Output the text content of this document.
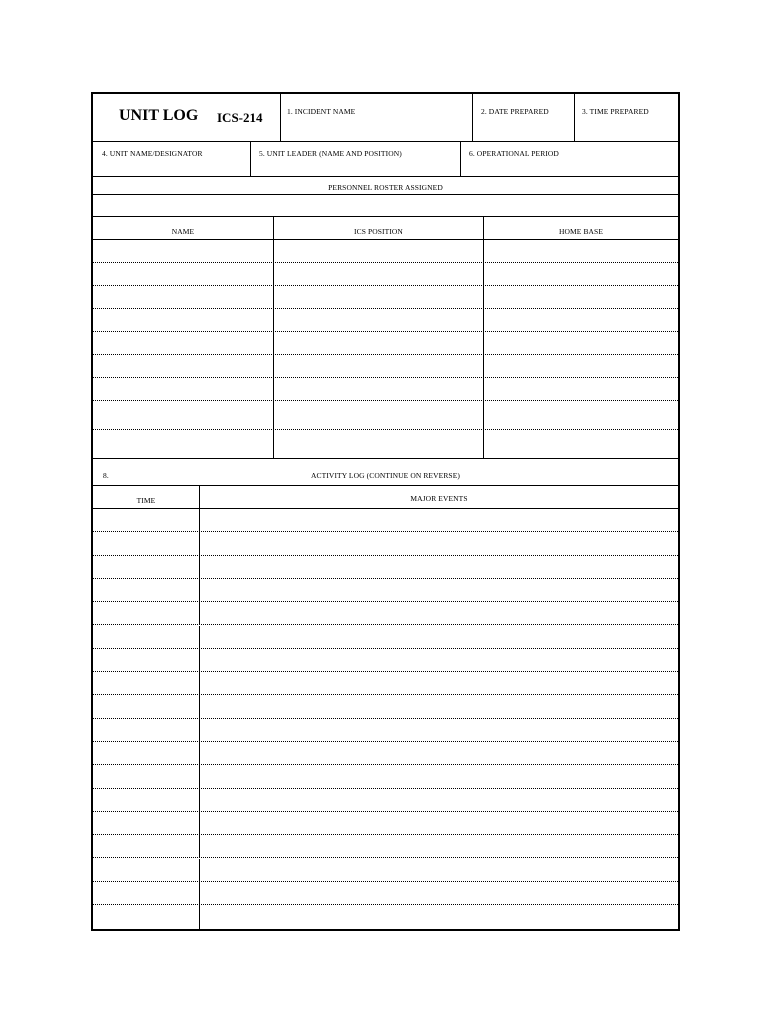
UNIT LOG ICS-214	1. INCIDENT NAME	2. DATE PREPARED	3. TIME PREPARED
4. UNIT NAME/DESIGNATOR	5. UNIT LEADER (NAME AND POSITION)	6. OPERATIONAL PERIOD
PERSONNEL ROSTER ASSIGNED
NAME	ICS POSITION	HOME BASE
8.	ACTIVITY LOG (CONTINUE ON REVERSE)
TIME	MAJOR EVENTS
